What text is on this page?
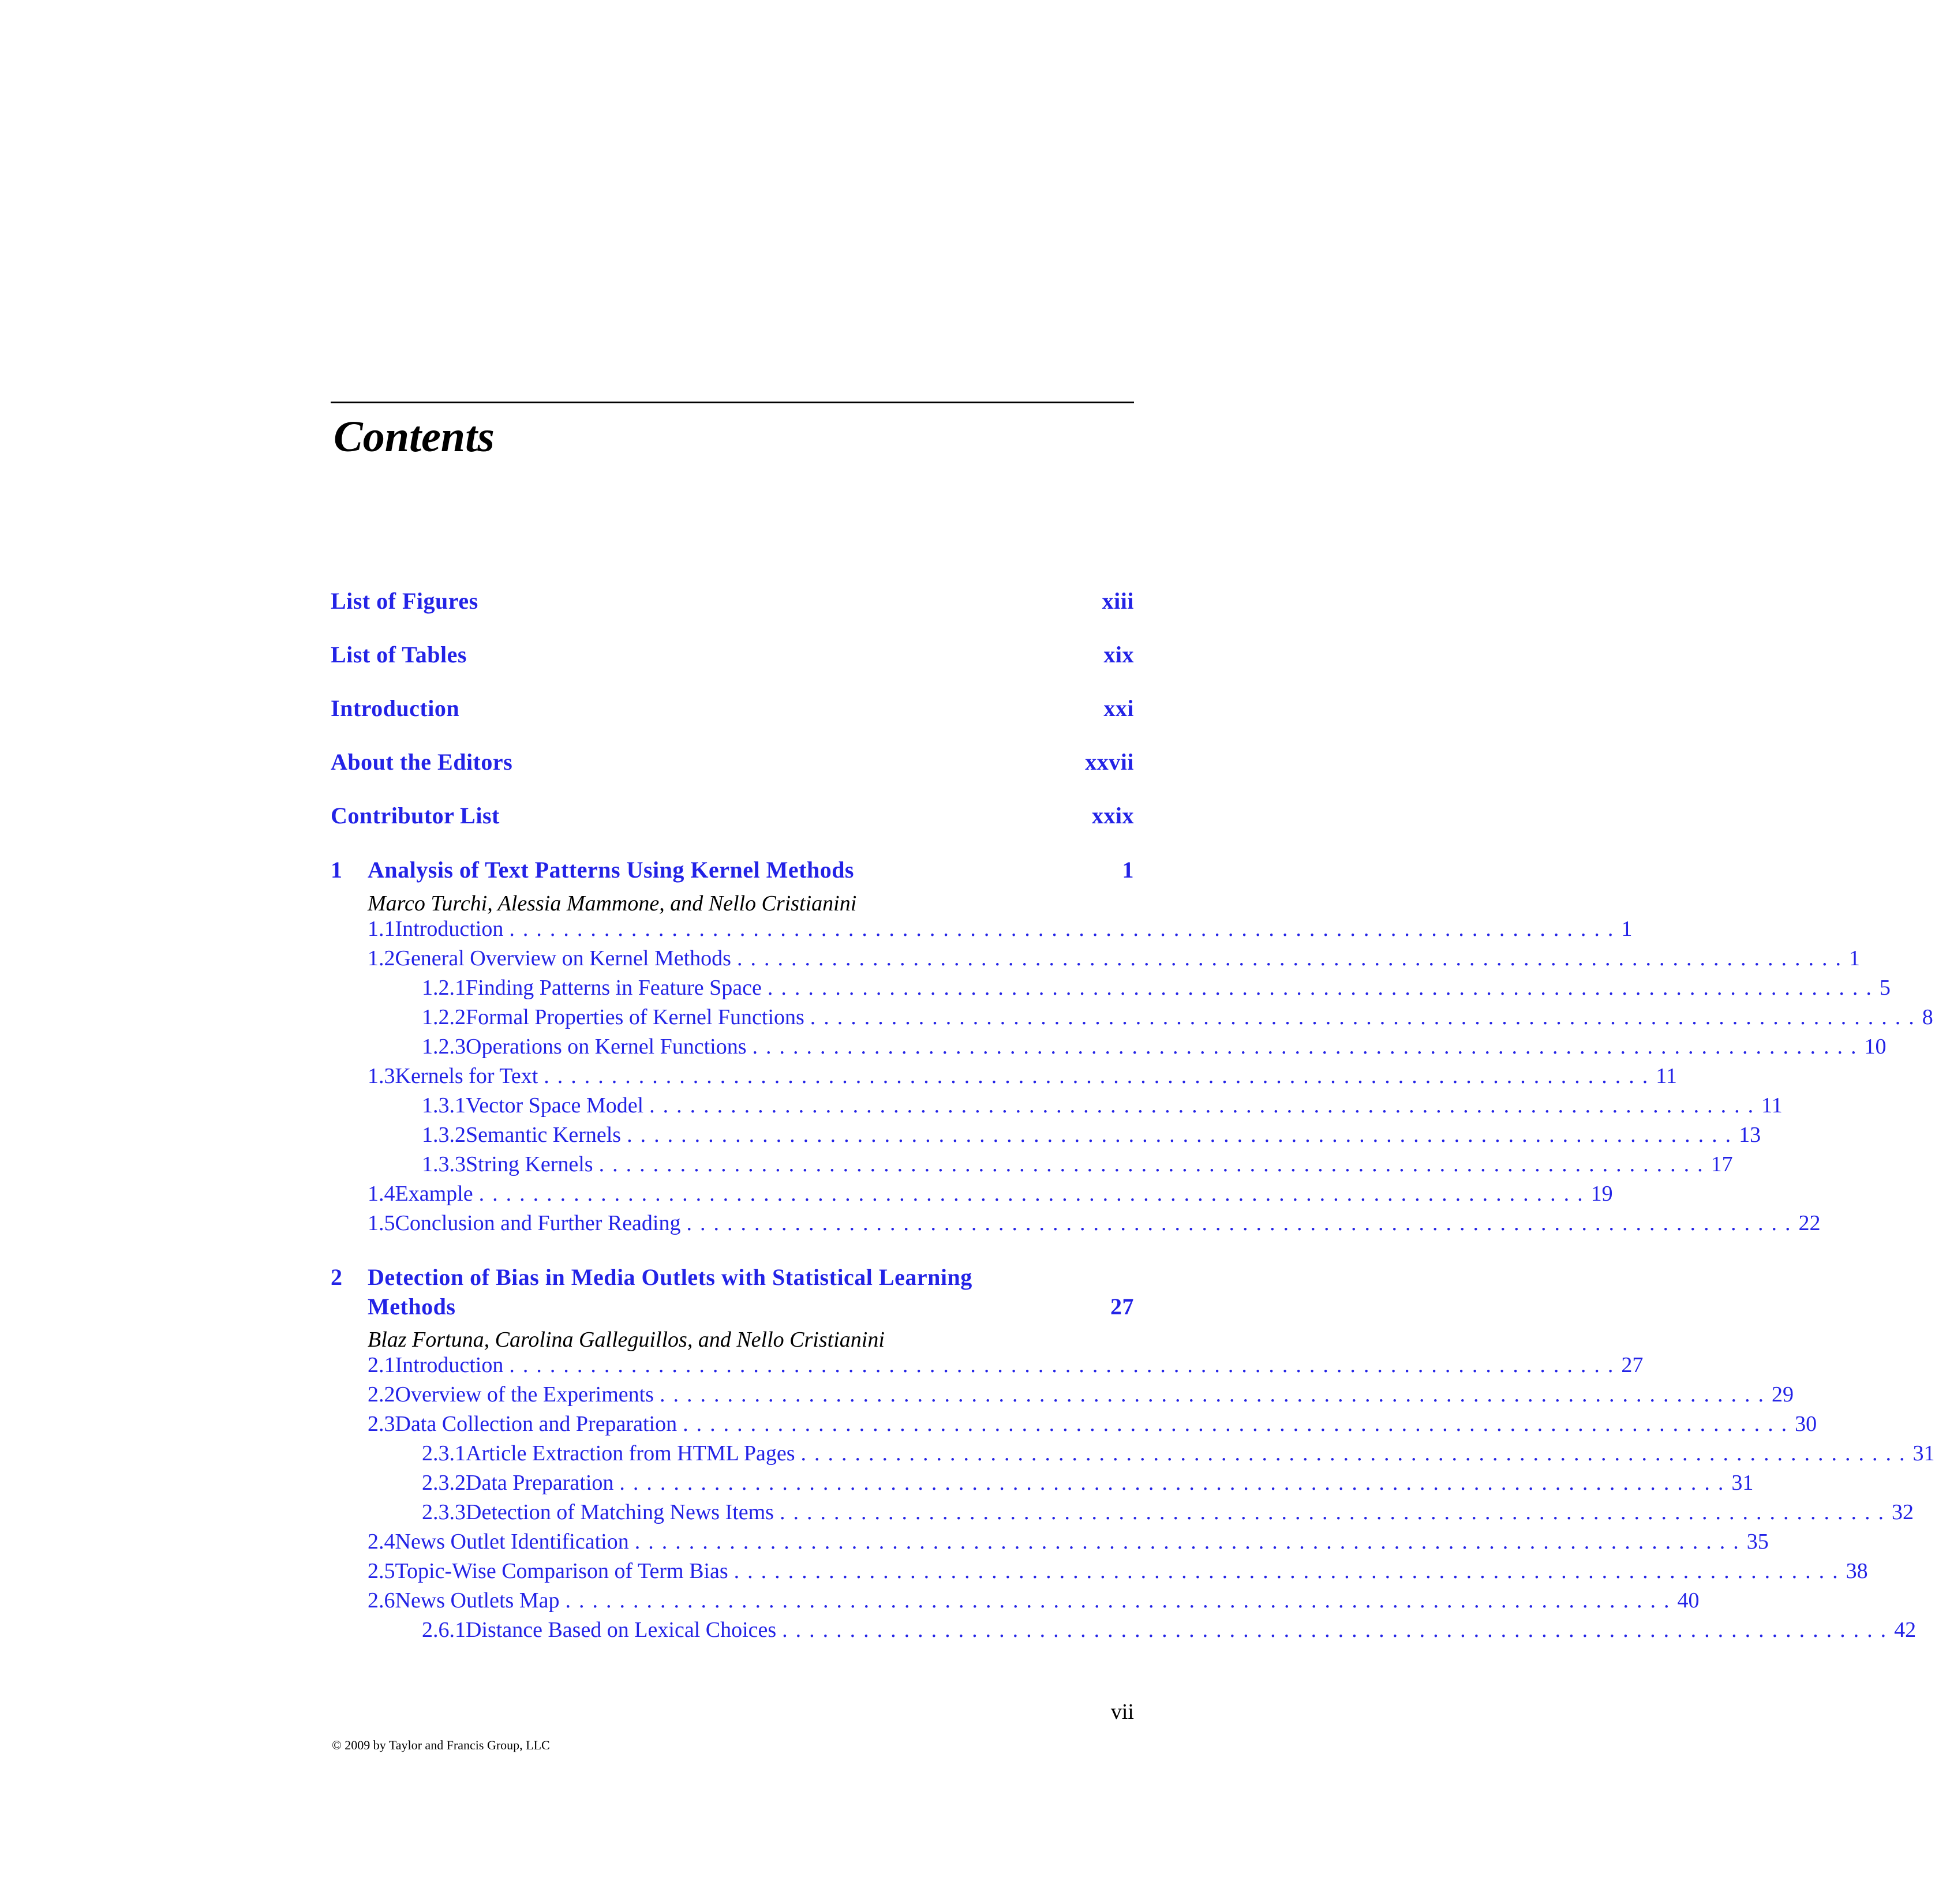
Contents
List of Figures	xiii
List of Tables	xix
Introduction	xxi
About the Editors	xxvii
Contributor List	xxix
1	Analysis of Text Patterns Using Kernel Methods	1
Marco Turchi, Alessia Mammone, and Nello Cristianini
1.1 Introduction .................................................................................. 1
1.2 General Overview on Kernel Methods .................................................................................. 1
1.2.1 Finding Patterns in Feature Space .................................................................................. 5
1.2.2 Formal Properties of Kernel Functions .................................................................................. 8
1.2.3 Operations on Kernel Functions .................................................................................. 10
1.3 Kernels for Text .................................................................................. 11
1.3.1 Vector Space Model .................................................................................. 11
1.3.2 Semantic Kernels .................................................................................. 13
1.3.3 String Kernels .................................................................................. 17
1.4 Example .................................................................................. 19
1.5 Conclusion and Further Reading .................................................................................. 22
2	Detection of Bias in Media Outlets with Statistical Learning
Methods	27
Blaz Fortuna, Carolina Galleguillos, and Nello Cristianini
2.1 Introduction .................................................................................. 27
2.2 Overview of the Experiments .................................................................................. 29
2.3 Data Collection and Preparation .................................................................................. 30
2.3.1 Article Extraction from HTML Pages .................................................................................. 31
2.3.2 Data Preparation .................................................................................. 31
2.3.3 Detection of Matching News Items .................................................................................. 32
2.4 News Outlet Identification .................................................................................. 35
2.5 Topic-Wise Comparison of Term Bias .................................................................................. 38
2.6 News Outlets Map .................................................................................. 40
2.6.1 Distance Based on Lexical Choices .................................................................................. 42
vii
© 2009 by Taylor and Francis Group, LLC
